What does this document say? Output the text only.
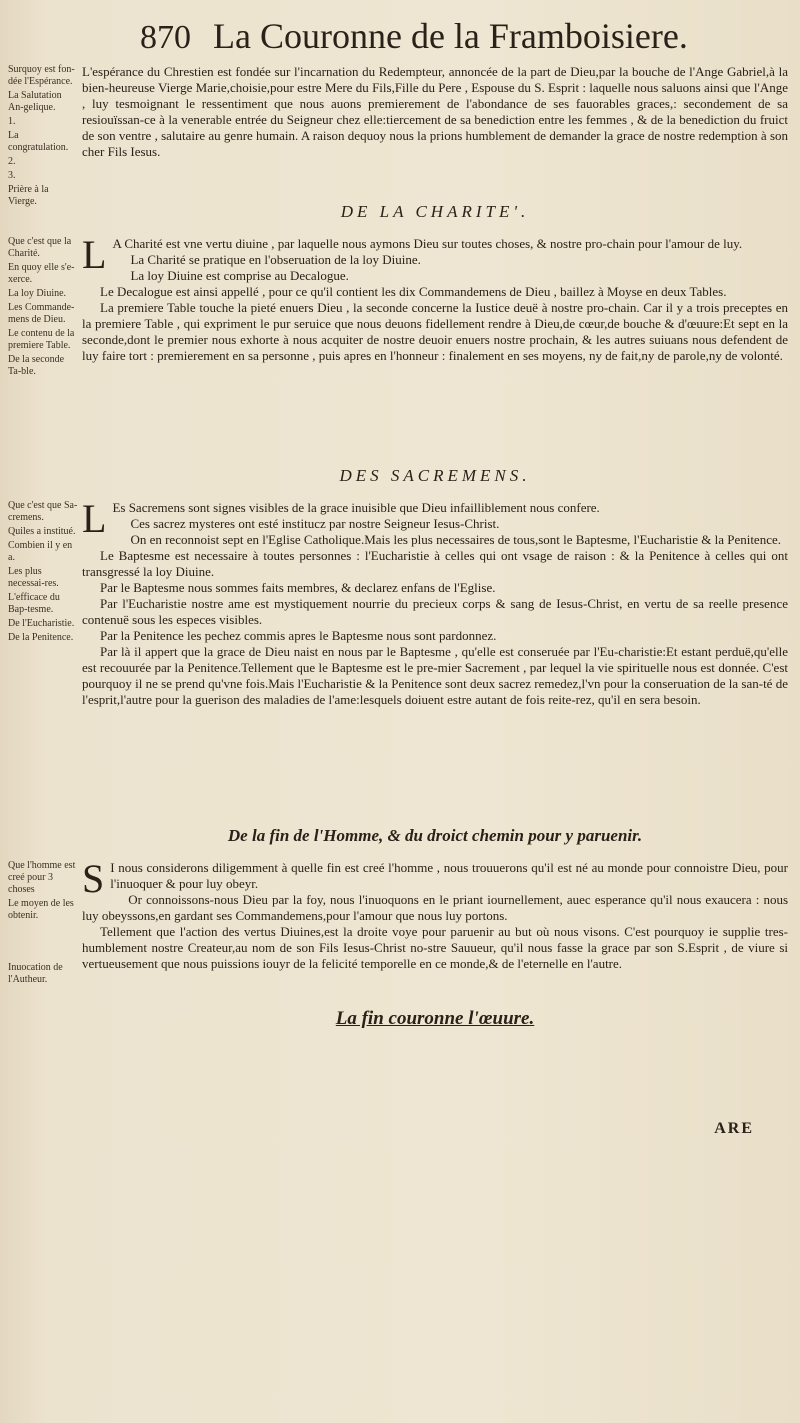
870 La Couronne de la Framboisiere.
Surquoy est fon-dée l'Espérance.
La Salutation An-gelique.
1.
La congratulation.
2.
3.
Prière à la Vierge.

L'espérance du Chrestien est fondée sur l'incarnation du Redempteur, annoncée de la part de Dieu,par la bouche de l'Ange Gabriel,à la bien-heureuse Vierge Marie,choisie,pour estre Mere du Fils,Fille du Pere , Espouse du S. Esprit : laquelle nous saluons ainsi que l'Ange , luy tesmoignant le ressentiment que nous auons premierement de l'abondance de ses fauorables graces,: secondement de sa resiouïssan-ce à la venerable entrée du Seigneur chez elle:tiercement de sa benediction entre les femmes , & de la benediction du fruict de son ventre , salutaire au genre humain. A raison dequoy nous la prions humblement de demander la grace de nostre redemption à son cher Fils Iesus.

DE LA CHARITE'.
Que c'est que la Charité.
En quoy elle s'e-xerce.
La loy Diuine.
Les Commande-mens de Dieu.
Le contenu de la premiere Table.
De la seconde Ta-ble.

L A Charité est vne vertu diuine , par laquelle nous aymons Dieu sur toutes choses, & nostre pro-chain pour l'amour de luy.

La Charité se pratique en l'obseruation de la loy Diuine.

La loy Diuine est comprise au Decalogue.

Le Decalogue est ainsi appellé , pour ce qu'il contient les dix Commandemens de Dieu , baillez à Moyse en deux Tables.

La premiere Table touche la pieté enuers Dieu , la seconde concerne la Iustice deuë à nostre pro-chain. Car il y a trois preceptes en la premiere Table , qui expriment le pur seruice que nous deuons fidellement rendre à Dieu,de cœur,de bouche & d'œuure:Et sept en la seconde,dont le premier nous exhorte à nous acquiter de nostre deuoir enuers nostre prochain, & les autres suiuans nous defendent de luy faire tort : premierement en sa personne , puis apres en l'honneur : finalement en ses moyens, ny de fait,ny de parole,ny de volonté.

DES SACREMENS.
Que c'est que Sa-cremens.
Quiles a institué.
Combien il y en a.
Les plus necessai-res.
L'efficace du Bap-tesme.
De l'Eucharistie.
De la Penitence.

L Es Sacremens sont signes visibles de la grace inuisible que Dieu infailliblement nous confere.

Ces sacrez mysteres ont esté institucz par nostre Seigneur Iesus-Christ.

On en reconnoist sept en l'Eglise Catholique.Mais les plus necessaires de tous,sont le Baptesme, l'Eucharistie & la Penitence.

Le Baptesme est necessaire à toutes personnes : l'Eucharistie à celles qui ont vsage de raison : & la Penitence à celles qui ont transgressé la loy Diuine.

Par le Baptesme nous sommes faits membres, & declarez enfans de l'Eglise.

Par l'Eucharistie nostre ame est mystiquement nourrie du precieux corps & sang de Iesus-Christ, en vertu de sa reelle presence contenuë sous les especes visibles.

Par la Penitence les pechez commis apres le Baptesme nous sont pardonnez.

Par là il appert que la grace de Dieu naist en nous par le Baptesme , qu'elle est conseruée par l'Eu-charistie:Et estant perduë,qu'elle est recouurée par la Penitence.Tellement que le Baptesme est le pre-mier Sacrement , par lequel la vie spirituelle nous est donnée. C'est pourquoy il ne se prend qu'vne fois.Mais l'Eucharistie & la Penitence sont deux sacrez remedez,l'vn pour la conseruation de la san-té de l'esprit,l'autre pour la guerison des maladies de l'ame:lesquels doiuent estre autant de fois reite-rez, qu'il en sera besoin.

De la fin de l'Homme, & du droict chemin pour y paruenir.
Que l'homme est creé pour 3 choses
Le moyen de les obtenir.
Inuocation de l'Autheur.

S I nous considerons diligemment à quelle fin est creé l'homme , nous trouuerons qu'il est né au monde pour connoistre Dieu, pour l'inuoquer & pour luy obeyr.

Or connoissons-nous Dieu par la foy, nous l'inuoquons en le priant iournellement, auec esperance qu'il nous exaucera : nous luy obeyssons,en gardant ses Commandemens,pour l'amour que nous luy portons.

Tellement que l'action des vertus Diuines,est la droite voye pour paruenir au but où nous visons. C'est pourquoy ie supplie tres-humblement nostre Createur,au nom de son Fils Iesus-Christ no-stre Sauueur, qu'il nous fasse la grace par son S.Esprit , de viure si vertueusement que nous puissions iouyr de la felicité temporelle en ce monde,& de l'eternelle en l'autre.

La fin couronne l'œuure.
ARE
